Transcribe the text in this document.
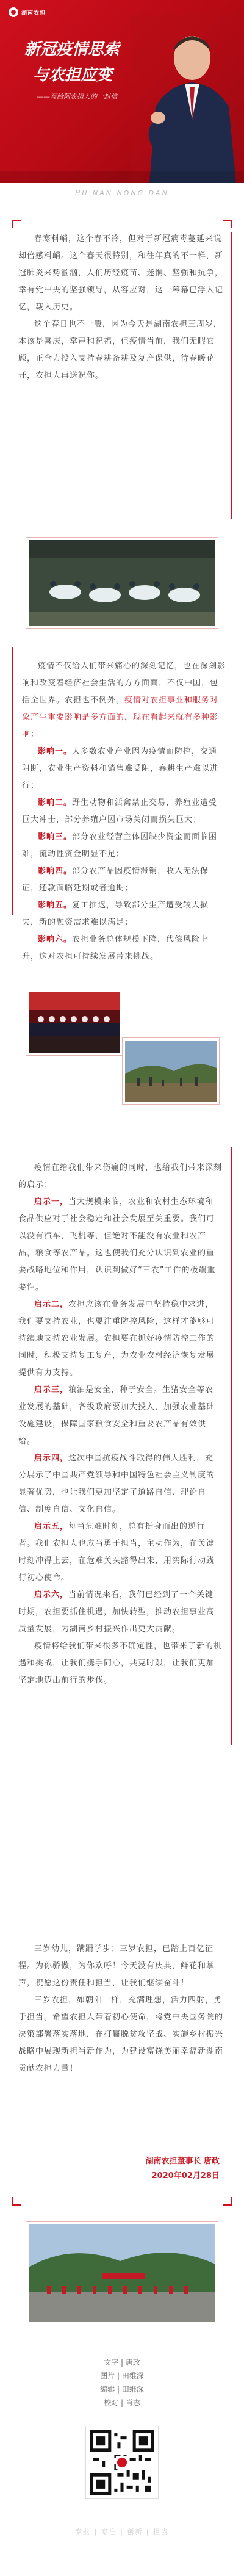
湖南农担
新冠疫情思索
与农担应变
——写给阿农担人的一封信
HU NAN NONG DAN

春寒料峭，这个春不冷，但对于新冠病毒蔓延来说却倍感料峭。这个春天很特别，和往年真的不一样，新冠肺炎来势汹汹，人们历经疫苗、迷惘、坚强和抗争，幸有党中央的坚强领导，从容应对，这一幕幕已浮入记忆，载入历史。

这个春日也不一般，因为今天是湖南农担三周岁，本该是喜庆，掌声和祝福，但疫情当前，我们无暇它顾，正全力投入支持春耕备耕及复产保供，待春暖花开，农担人再送祝你。

疫情不仅给人们带来痛心的深刻记忆，也在深刻影响和改变着经济社会生活的方方面面，不仅中国，包括全世界。农担也不例外。疫情对农担事业和服务对象产生重要影响是多方面的，现在看起来就有多种影响：

影响一。大多数农业产业因为疫情而防控，交通阻断，农业生产资料和销售难受阻，春耕生产难以进行；

影响二。野生动物和活禽禁止交易，养殖业遭受巨大冲击，部分养殖户因市场关闭而损失巨大；

影响三。部分农业经营主体因缺少资金而面临困难，流动性资金明显不足；

影响四。部分农产品因疫情滞销，收入无法保证，还款面临延期或者逾期；

影响五。复工推迟，导致部分生产遭受较大损失，新的融资需求难以满足；

影响六。农担业务总体规模下降，代偿风险上升，这对农担可持续发展带来挑战。

疫情在给我们带来伤痛的同时，也给我们带来深刻的启示：

启示一，当大规模来临，农业和农村生态环境和食品供应对于社会稳定和社会发展至关重要。我们可以没有汽车，飞机等，但绝对不能没有农业和农产品，粮食等农产品。这也使我们充分认识到农业的重要战略地位和作用，认识到做好“三农”工作的极端重要性。

启示二，农担应该在业务发展中坚持稳中求进，我们要支持农业，也要注重防控风险，这样才能够可持续地支持农业发展。农担要在抓好疫情防控工作的同时，积极支持复工复产，为农业农村经济恢复发展提供有力支持。

启示三，粮油是安全，种子安全。生猪安全等农业发展的基础，各级政府要加大投入，加强农业基础设施建设，保障国家粮食安全和重要农产品有效供给。

启示四，这次中国抗疫战斗取得的伟大胜利，充分展示了中国共产党领导和中国特色社会主义制度的显著优势，也让我们更加坚定了道路自信、理论自信、制度自信、文化自信。

启示五，每当危难时刻，总有挺身而出的逆行者。我们农担人也应当勇于担当，主动作为，在关键时刻冲得上去，在危难关头豁得出来，用实际行动践行初心使命。

启示六，当前情况来看，我们已经到了一个关键时期，农担要抓住机遇，加快转型，推动农担事业高质量发展，为湖南乡村振兴作出更大贡献。

疫情将给我们带来很多不确定性，也带来了新的机遇和挑战，让我们携手同心，共克时艰，让我们更加坚定地迈出前行的步伐。

三岁幼儿，蹒跚学步；三岁农担，已踏上百亿征程。为你骄傲，为你欢呼！今天没有庆典，鲜花和掌声，祝愿这份责任和担当，让我们继续奋斗！

三岁农担，如朝阳一样，充满理想，活力四射，勇于担当。希望农担人带着初心使命，将党中央国务院的决策部署落实落地，在打赢脱贫攻坚战、实施乡村振兴战略中展现新担当新作为，为建设富饶美丽幸福新湖南贡献农担力量！

湖南农担董事长 唐政
2020年02月28日
文字 | 唐政
图片 | 田维深
编辑 | 田维深
校对 | 肖志
专业 | 专注 | 创新 | 担当
